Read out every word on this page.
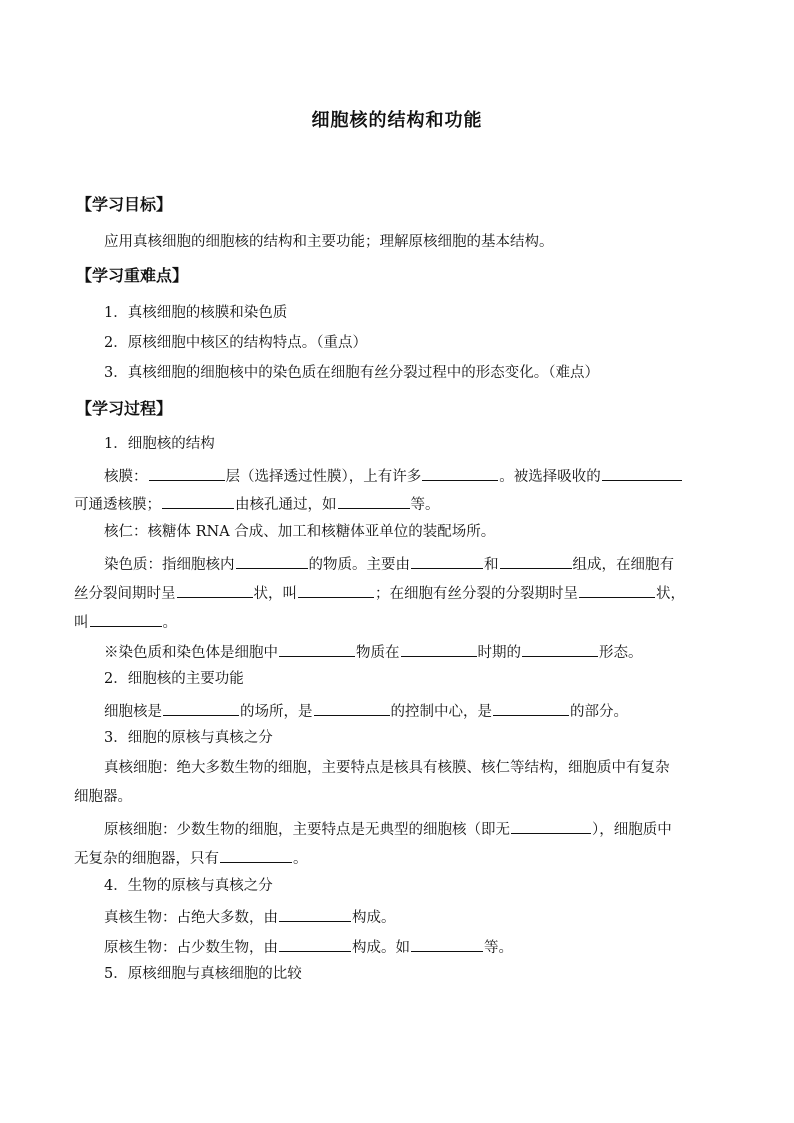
细胞核的结构和功能
【学习目标】
应用真核细胞的细胞核的结构和主要功能；理解原核细胞的基本结构。
【学习重难点】
1．真核细胞的核膜和染色质
2．原核细胞中核区的结构特点。（重点）
3．真核细胞的细胞核中的染色质在细胞有丝分裂过程中的形态变化。（难点）
【学习过程】
1．细胞核的结构
核膜：	层（选择透过性膜），上有许多	。被选择吸收的
可通透核膜；	由核孔通过，如	等。
核仁：核糖体 RNA 合成、加工和核糖体亚单位的装配场所。
染色质：指细胞核内	的物质。主要由	和	组成，在细胞有
丝分裂间期时呈	状，叫	；在细胞有丝分裂的分裂期时呈	状，
叫	。
※染色质和染色体是细胞中	物质在	时期的	形态。
2．细胞核的主要功能
细胞核是	的场所，是	的控制中心，是	的部分。
3．细胞的原核与真核之分
真核细胞：绝大多数生物的细胞，主要特点是核具有核膜、核仁等结构，细胞质中有复杂
细胞器。
原核细胞：少数生物的细胞，主要特点是无典型的细胞核（即无	），细胞质中
无复杂的细胞器，只有	。
4．生物的原核与真核之分
真核生物：占绝大多数，由	构成。
原核生物：占少数生物，由	构成。如	等。
5．原核细胞与真核细胞的比较
